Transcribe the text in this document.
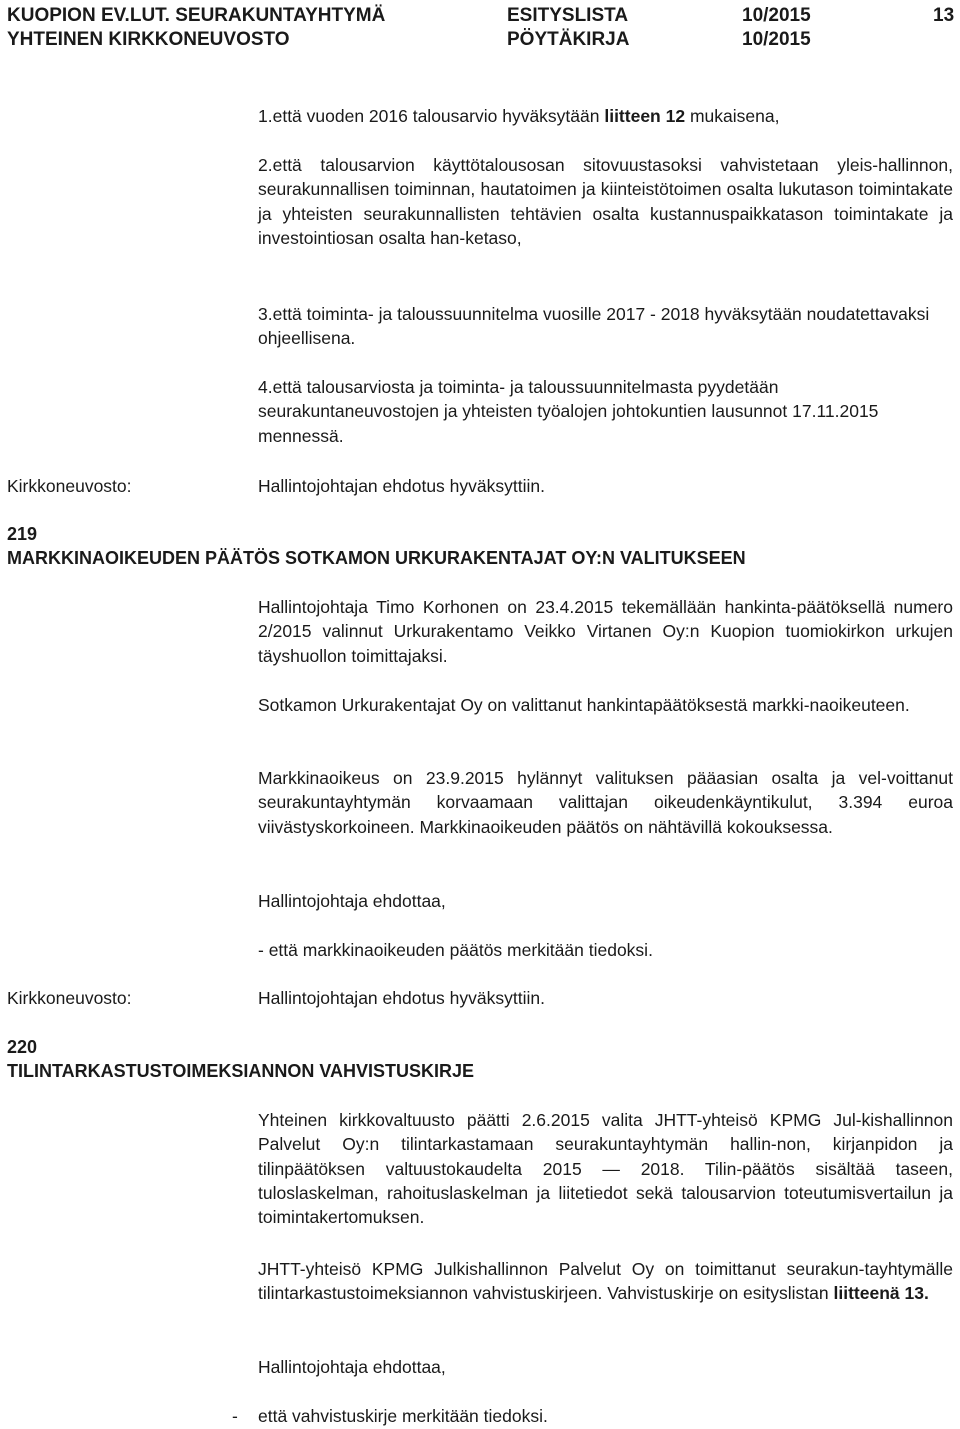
KUOPION EV.LUT. SEURAKUNTAYHTYMÄ	ESITYSLISTA	10/2015	13
YHTEINEN KIRKKONEUVOSTO	PÖYTÄKIRJA	10/2015
1.että vuoden 2016 talousarvio hyväksytään liitteen 12 mukaisena,
2.että talousarvion käyttötalousosan sitovuustasoksi vahvistetaan yleis-hallinnon, seurakunnallisen toiminnan, hautatoimen ja kiinteistötoimen osalta lukutason toimintakate ja yhteisten seurakunnallisten tehtävien osalta kustannuspaikkatason toimintakate ja investointiosan osalta han-ketaso,
3.että toiminta- ja taloussuunnitelma vuosille 2017 - 2018 hyväksytään noudatettavaksi ohjeellisena.
4.että talousarviosta ja toiminta- ja taloussuunnitelmasta pyydetään seurakuntaneuvostojen ja yhteisten työalojen johtokuntien lausunnot 17.11.2015 mennessä.
Kirkkoneuvosto:	Hallintojohtajan ehdotus hyväksyttiin.
219
MARKKINAOIKEUDEN PÄÄTÖS SOTKAMON URKURAKENTAJAT OY:N VALITUKSEEN
Hallintojohtaja Timo Korhonen on 23.4.2015 tekemällään hankinta-päätöksellä numero 2/2015 valinnut Urkurakentamo Veikko Virtanen Oy:n Kuopion tuomiokirkon urkujen täyshuollon toimittajaksi.
Sotkamon Urkurakentajat Oy on valittanut hankintapäätöksestä markki-naoikeuteen.
Markkinaoikeus on 23.9.2015 hylännyt valituksen pääasian osalta ja vel-voittanut seurakuntayhtymän korvaamaan valittajan oikeudenkäyntikulut, 3.394 euroa viivästyskorkoineen. Markkinaoikeuden päätös on nähtävillä kokouksessa.
Hallintojohtaja ehdottaa,
- että markkinaoikeuden päätös merkitään tiedoksi.
Kirkkoneuvosto:	Hallintojohtajan ehdotus hyväksyttiin.
220
TILINTARKASTUSTOIMEKSIANNON VAHVISTUSKIRJE
Yhteinen kirkkovaltuusto päätti 2.6.2015 valita JHTT-yhteisö KPMG Jul-kishallinnon Palvelut Oy:n tilintarkastamaan seurakuntayhtymän hallin-non, kirjanpidon ja tilinpäätöksen valtuustokaudelta 2015 — 2018. Tilin-päätös sisältää taseen, tuloslaskelman, rahoituslaskelman ja liitetiedot sekä talousarvion toteutumisvertailun ja toimintakertomuksen.
JHTT-yhteisö KPMG Julkishallinnon Palvelut Oy on toimittanut seurakun-tayhtymälle tilintarkastustoimeksiannon vahvistuskirjeen. Vahvistuskirje on esityslistan liitteenä 13.
Hallintojohtaja ehdottaa,
- että vahvistuskirje merkitään tiedoksi.
